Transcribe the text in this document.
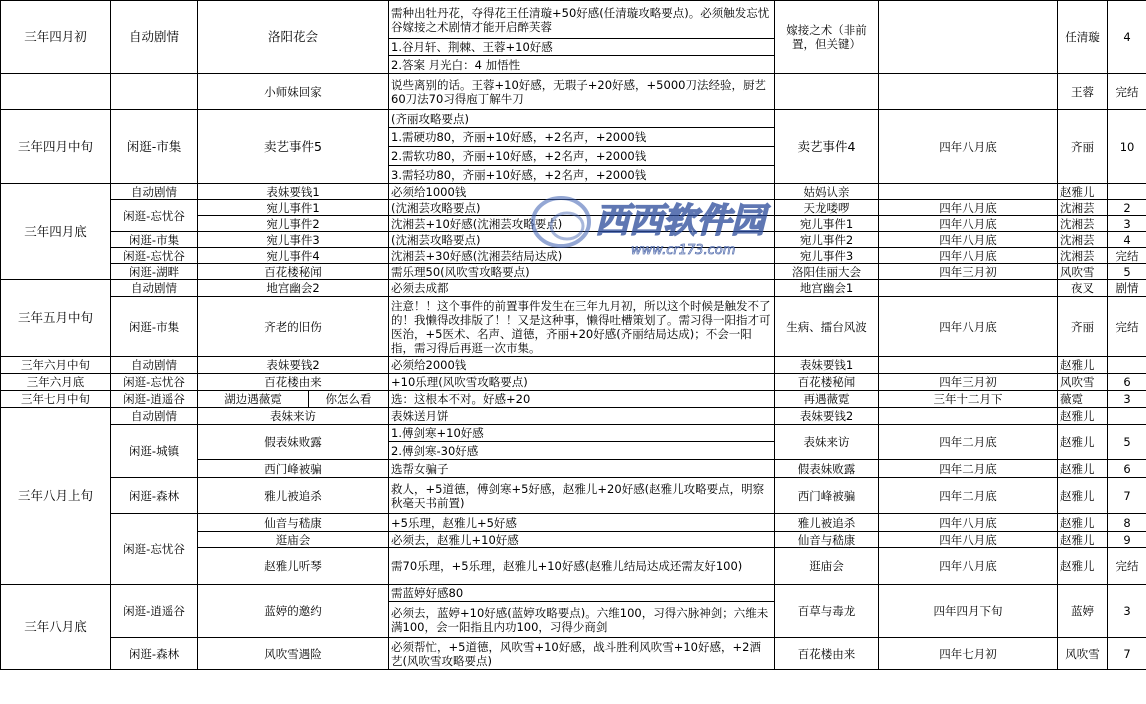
三年四月初	自动剧情	洛阳花会		需种出牡丹花，夺得花王任清璇+50好感(任清璇攻略要点)。必须触发忘忧谷嫁接之术剧情才能开启醉芙蓉	嫁接之术（非前置，但关键）		任清璇	4
				1.谷月轩、荆棘、王蓉+10好感				
				2.答案 月光白：4 加悟性				
		小师妹回家		说些离别的话。王蓉+10好感，无瑕子+20好感，+5000刀法经验，厨艺60刀法70习得庖丁解牛刀			王蓉	完结
三年四月中旬	闲逛-市集	卖艺事件5		(齐丽攻略要点)	卖艺事件4	四年八月底	齐丽	10
				1.需硬功80，齐丽+10好感，+2名声，+2000钱				
				2.需软功80，齐丽+10好感，+2名声，+2000钱				
				3.需轻功80，齐丽+10好感，+2名声，+2000钱				
三年四月底	自动剧情	表妹要钱1		必须给1000钱	姑妈认亲		赵雅儿	
	闲逛-忘忧谷	宛儿事件1		(沈湘芸攻略要点)	天龙喽啰	四年八月底	沈湘芸	2
		宛儿事件2		沈湘芸+10好感(沈湘芸攻略要点)	宛儿事件1	四年八月底	沈湘芸	3
	闲逛-市集	宛儿事件3		(沈湘芸攻略要点)	宛儿事件2	四年八月底	沈湘芸	4
	闲逛-忘忧谷	宛儿事件4		沈湘芸+30好感(沈湘芸结局达成)	宛儿事件3	四年八月底	沈湘芸	完结
	闲逛-湖畔	百花楼秘闻		需乐理50(风吹雪攻略要点)	洛阳佳丽大会	四年三月初	风吹雪	5
三年五月中旬	自动剧情	地宫幽会2		必须去成都	地宫幽会1		夜叉	剧情
	闲逛-市集	齐老的旧伤		注意！！这个事件的前置事件发生在三年九月初，所以这个时候是触发不了的！我懒得改排版了！！又是这种事，懒得吐槽策划了。需习得一阳指才可医治，+5医术、名声、道德，齐丽+20好感(齐丽结局达成)；不会一阳指，需习得后再逛一次市集。	生病、擂台风波	四年八月底	齐丽	完结
三年六月中旬	自动剧情	表妹要钱2		必须给2000钱	表妹要钱1		赵雅儿	
三年六月底	闲逛-忘忧谷	百花楼由来		+10乐理(风吹雪攻略要点)	百花楼秘闻	四年三月初	风吹雪	6
三年七月中旬	闲逛-逍遥谷	湖边遇薇霓	你怎么看	选：这根本不对。好感+20	再遇薇霓	三年十二月下	薇霓	3
三年八月上旬	自动剧情	表妹来访		表姝送月饼	表妹要钱2		赵雅儿	
	闲逛-城镇	假表妹败露		1.傅剑寒+10好感	表妹来访	四年二月底	赵雅儿	5
				2.傅剑寒-30好感				
		西门峰被骗		选帮女骗子	假表妹败露	四年二月底	赵雅儿	6
	闲逛-森林	雅儿被追杀		救人，+5道德，傅剑寒+5好感，赵雅儿+20好感(赵雅儿攻略要点，明察秋毫天书前置)	西门峰被骗	四年二月底	赵雅儿	7
	闲逛-忘忧谷	仙音与嵇康		+5乐理，赵雅儿+5好感	雅儿被追杀	四年八月底	赵雅儿	8
		逛庙会		必须去，赵雅儿+10好感	仙音与嵇康	四年八月底	赵雅儿	9
		赵雅儿听琴		需70乐理，+5乐理，赵雅儿+10好感(赵雅儿结局达成还需友好100)	逛庙会	四年八月底	赵雅儿	完结
三年八月底	闲逛-逍遥谷	蓝婷的邀约		需蓝婷好感80	百草与毒龙	四年四月下旬	蓝婷	3
				必须去，蓝婷+10好感(蓝婷攻略要点)。六维100，习得六脉神剑；六维未满100，会一阳指且内功100，习得少商剑				
	闲逛-森林	风吹雪遇险		必须帮忙，+5道德，风吹雪+10好感，战斗胜利风吹雪+10好感，+2酒艺(风吹雪攻略要点)	百花楼由来	四年七月初	风吹雪	7
西西软件园
www.cr173.com
